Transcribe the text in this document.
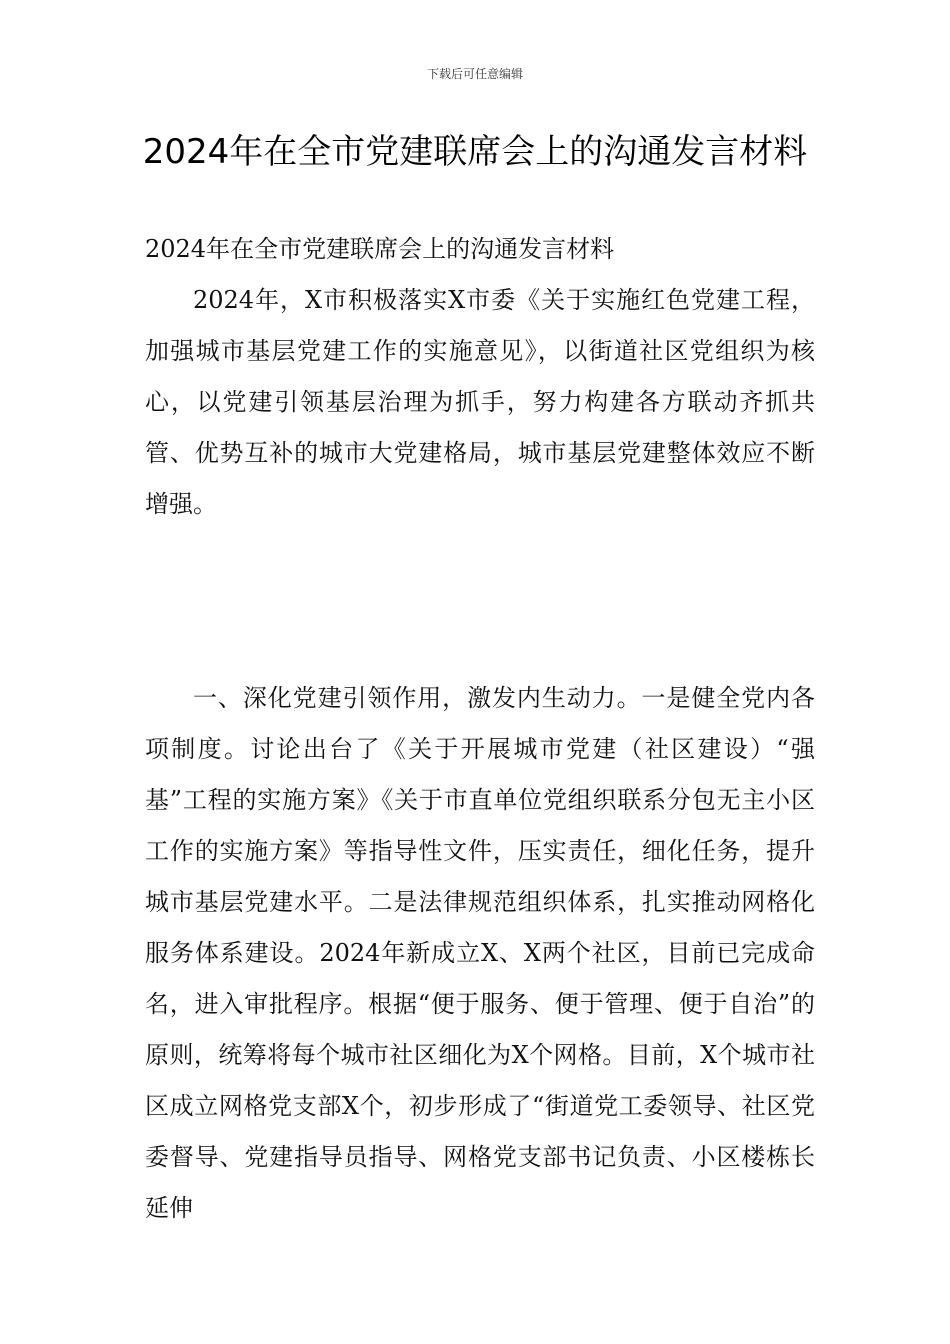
下载后可任意编辑
2024年在全市党建联席会上的沟通发言材料

2024年在全市党建联席会上的沟通发言材料

2024年，X市积极落实X市委《关于实施红色党建工程，加强城市基层党建工作的实施意见》，以街道社区党组织为核心，以党建引领基层治理为抓手，努力构建各方联动齐抓共管、优势互补的城市大党建格局，城市基层党建整体效应不断增强。

一、深化党建引领作用，激发内生动力。一是健全党内各项制度。讨论出台了《关于开展城市党建（社区建设）“强基”工程的实施方案》《关于市直单位党组织联系分包无主小区工作的实施方案》等指导性文件，压实责任，细化任务，提升城市基层党建水平。二是法律规范组织体系，扎实推动网格化服务体系建设。2024年新成立X、X两个社区，目前已完成命名，进入审批程序。根据“便于服务、便于管理、便于自治”的原则，统筹将每个城市社区细化为X个网格。目前，X个城市社区成立网格党支部X个，初步形成了“街道党工委领导、社区党委督导、党建指导员指导、网格党支部书记负责、小区楼栋长延伸
